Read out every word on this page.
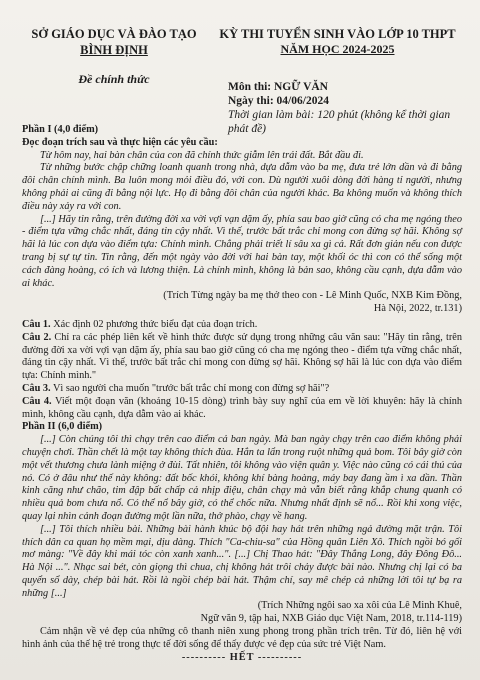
SỞ GIÁO DỤC VÀ ĐÀO TẠO
BÌNH ĐỊNH
Đề chính thức
KỲ THI TUYỂN SINH VÀO LỚP 10 THPT
NĂM HỌC 2024-2025
Môn thi: NGỮ VĂN
Ngày thi: 04/06/2024
Thời gian làm bài: 120 phút (không kể thời gian phát đề)

Phần I (4,0 điểm)

Đọc đoạn trích sau và thực hiện các yêu cầu:

Từ hôm nay, hai bàn chân của con đã chính thức giẫm lên trái đất. Bắt đầu đi.

Từ những bước chập chững loanh quanh trong nhà, dựa dẫm vào ba mẹ, đưa trẻ lớn dần và đi bằng đôi chân chính mình. Ba luôn mong mỏi điều đó, với con. Dù người xuôi dòng đời hàng tỉ người, nhưng không phải ai cũng đi bằng nội lực. Họ đi bằng đôi chân của người khác. Ba không muốn và không thích điều này xảy ra với con.

[...] Hãy tin rằng, trên đường đời xa vời vợi vạn dặm ấy, phía sau bao giờ cũng có cha mẹ ngóng theo - điểm tựa vững chắc nhất, đáng tin cậy nhất. Vì thế, trước bất trắc chỉ mong con đừng sợ hãi. Không sợ hãi là lúc con dựa vào điểm tựa: Chính mình. Chẳng phải triết lí sâu xa gì cả. Rất đơn giản nếu con được trang bị sự tự tin. Tin rằng, đến một ngày vào đời với hai bàn tay, một khối óc thì con có thể sống một cách đàng hoàng, có ích và lương thiện. Là chính mình, không là bản sao, không cầu cạnh, dựa dẫm vào ai khác.

(Trích Từng ngày ba mẹ thở theo con - Lê Minh Quốc, NXB Kim Đồng,

Hà Nội, 2022, tr.131)

Câu 1. Xác định 02 phương thức biểu đạt của đoạn trích.

Câu 2. Chỉ ra các phép liên kết về hình thức được sử dụng trong những câu văn sau: "Hãy tin rằng, trên đường đời xa vời vợi vạn dặm ấy, phía sau bao giờ cũng có cha mẹ ngóng theo - điểm tựa vững chắc nhất, đáng tin cậy nhất. Vì thế, trước bất trắc chỉ mong con đừng sợ hãi. Không sợ hãi là lúc con dựa vào điểm tựa: Chính mình."

Câu 3. Vì sao người cha muốn "trước bất trắc chỉ mong con đừng sợ hãi"?

Câu 4. Viết một đoạn văn (khoảng 10-15 dòng) trình bày suy nghĩ của em về lời khuyên: hãy là chính mình, không cầu cạnh, dựa dẫm vào ai khác.

Phần II (6,0 điểm)

[...] Còn chúng tôi thì chạy trên cao điểm cả ban ngày. Mà ban ngày chạy trên cao điểm không phải chuyện chơi. Thần chết là một tay không thích đùa. Hắn ta lẩn trong ruột những quả bom. Tôi bây giờ còn một vết thương chưa lành miệng ở đùi. Tất nhiên, tôi không vào viện quân y. Việc nào cũng có cái thú của nó. Có ở đâu như thế này không: đất bốc khói, không khí bàng hoàng, máy bay đang ầm ì xa dần. Thần kinh căng như chão, tim đập bất chấp cả nhịp điệu, chân chạy mà vẫn biết rằng khắp chung quanh có nhiều quả bom chưa nổ. Có thể nổ bây giờ, có thể chốc nữa. Nhưng nhất định sẽ nổ... Rồi khi xong việc, quay lại nhìn cảnh đoạn đường một lần nữa, thở phào, chạy về hang.

[...] Tôi thích nhiều bài. Những bài hành khúc bộ đội hay hát trên những ngả đường mặt trận. Tôi thích dân ca quan họ mềm mại, dịu dàng. Thích "Ca-chiu-sa" của Hồng quân Liên Xô. Thích ngồi bó gối mơ màng: "Về đây khi mái tóc còn xanh xanh...". [...] Chị Thao hát: "Đây Thắng Long, đây Đông Đô... Hà Nội ...". Nhạc sai bét, còn giọng thì chua, chị không hát trôi chảy được bài nào. Nhưng chị lại có ba quyển sổ dày, chép bài hát. Rồi là ngồi chép bài hát. Thậm chí, say mê chép cả những lời tôi tự bạ ra những [...]

(Trích Những ngôi sao xa xôi của Lê Minh Khuê,

Ngữ văn 9, tập hai, NXB Giáo dục Việt Nam, 2018, tr.114-119)

Cảm nhận về vẻ đẹp của những cô thanh niên xung phong trong phần trích trên. Từ đó, liên hệ với hình ảnh của thế hệ trẻ trong thực tế đời sống để thấy được vẻ đẹp của sức trẻ Việt Nam.

---------- HẾT ----------
